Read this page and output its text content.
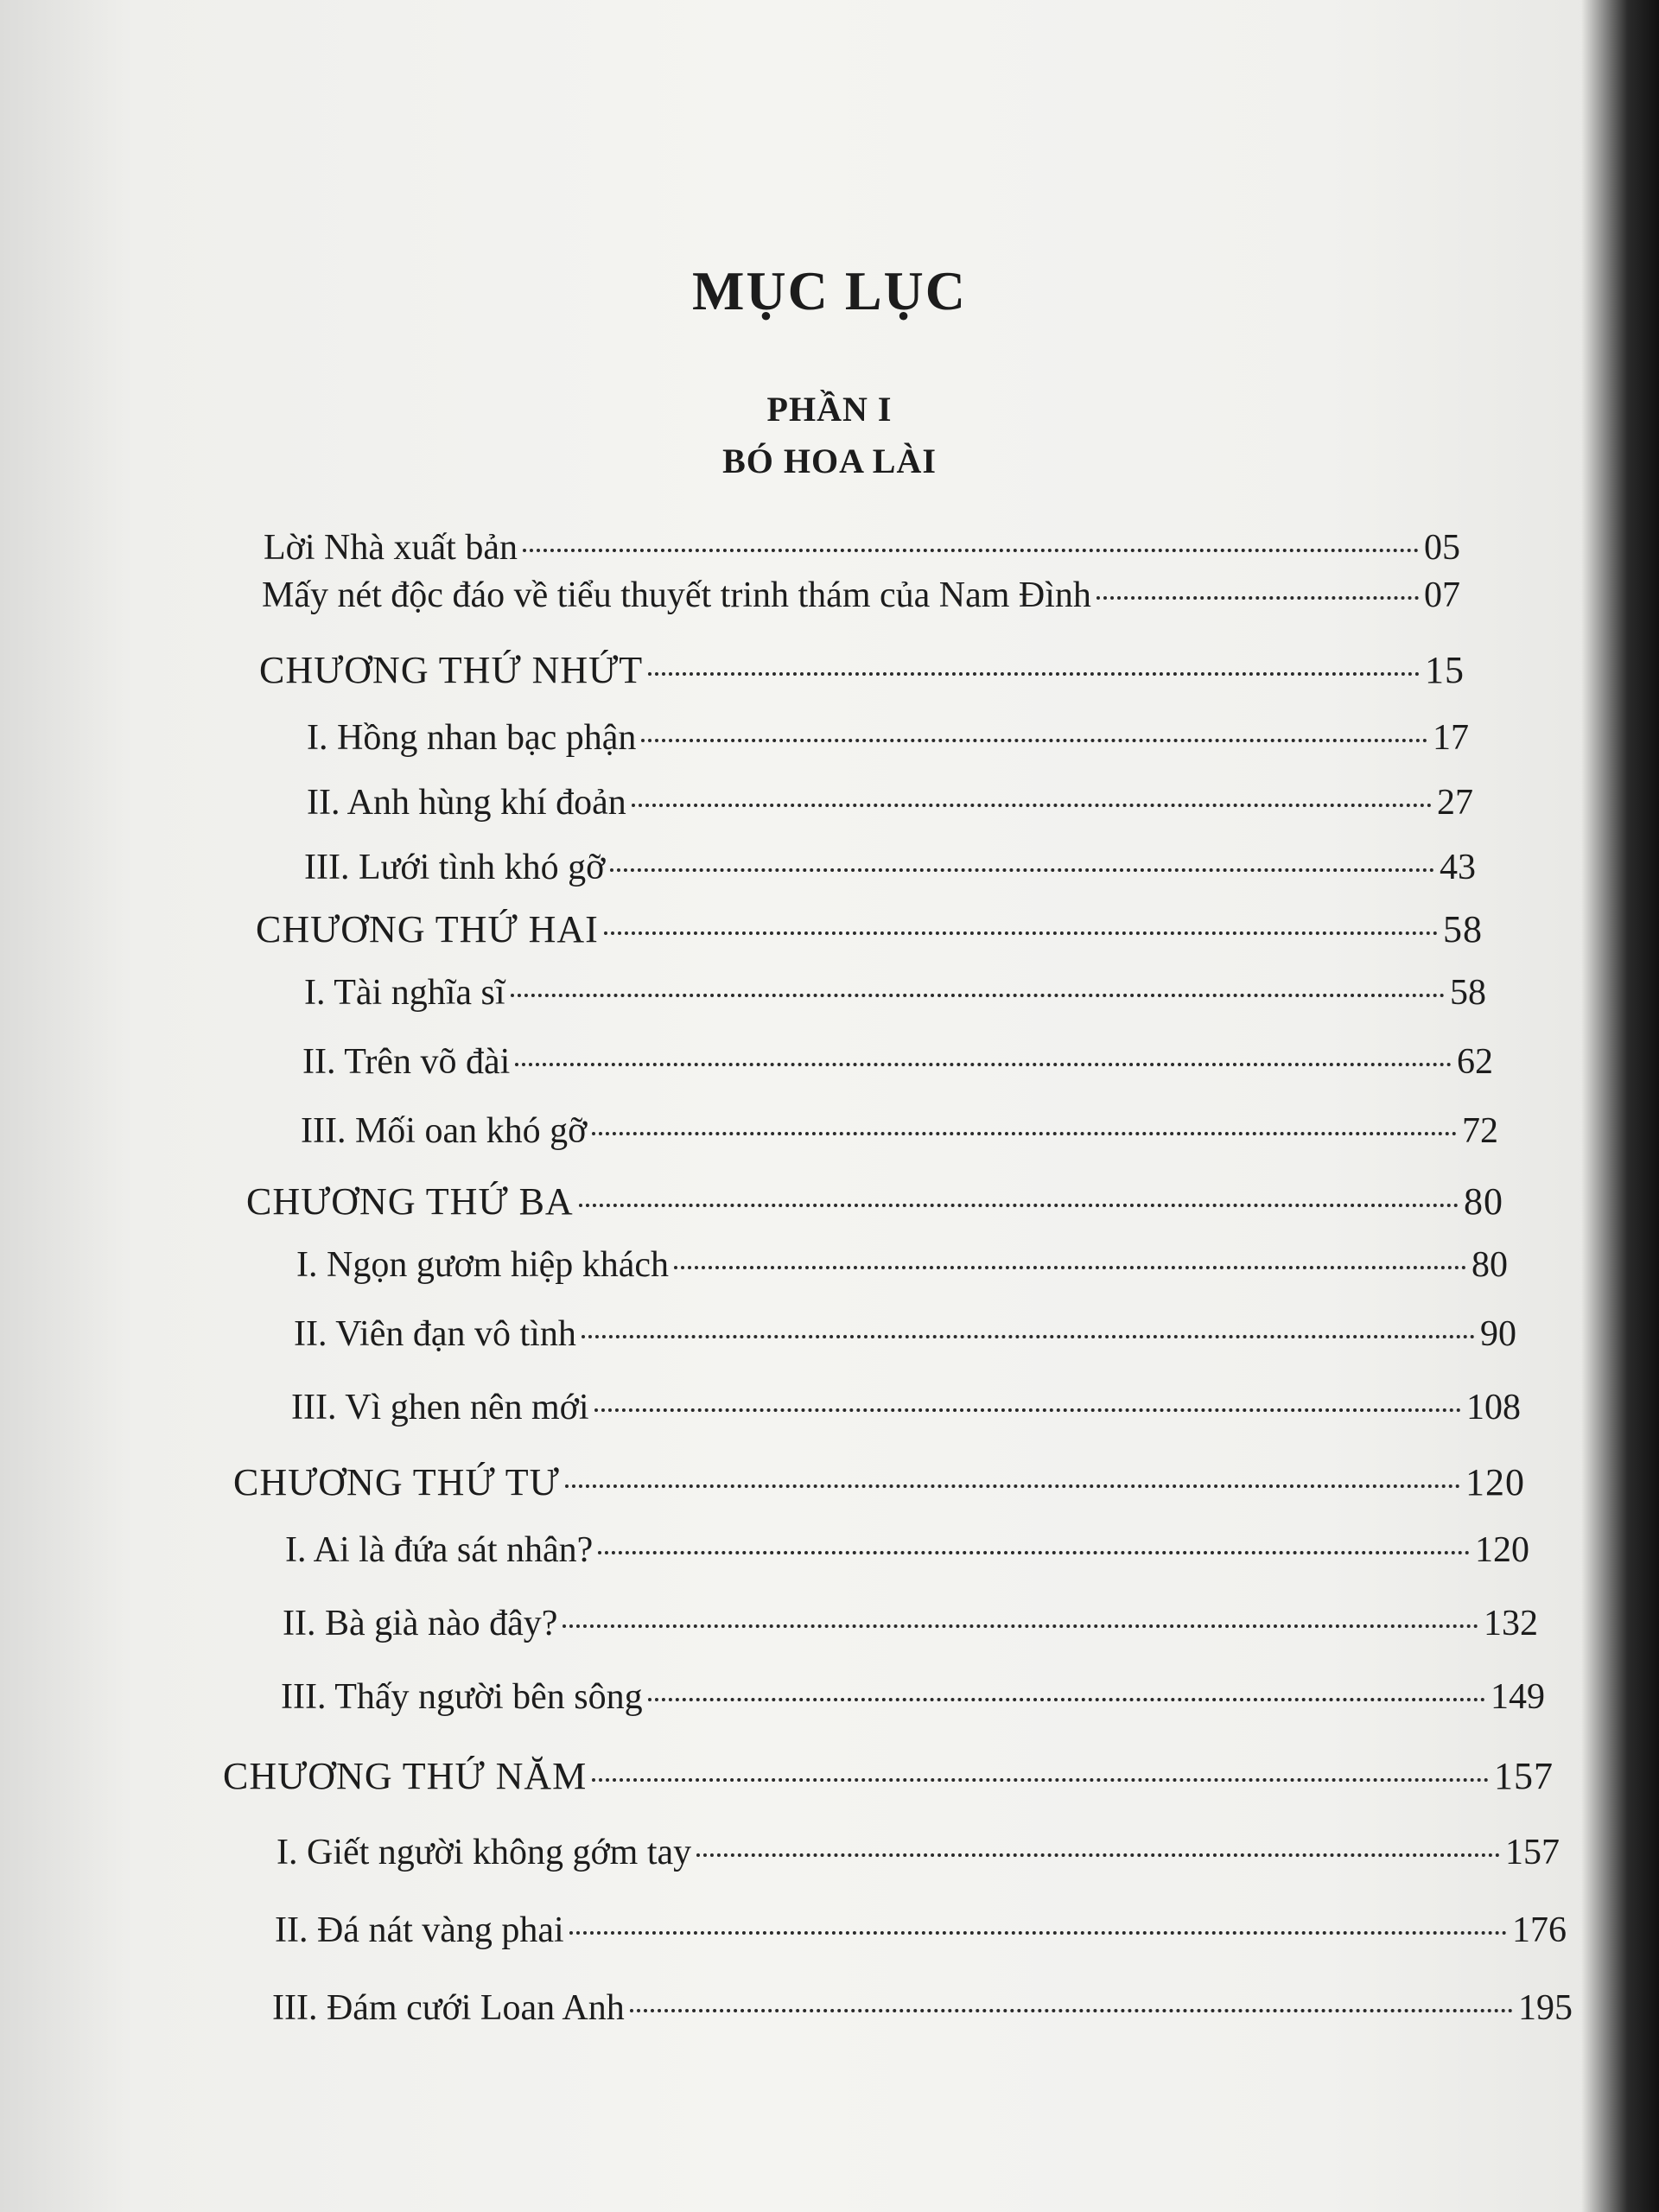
MỤC LỤC
PHẦN I
BÓ HOA LÀI
Lời Nhà xuất bản	05
Mấy nét độc đáo về tiểu thuyết trinh thám của Nam Đình	07
CHƯƠNG THỨ NHỨT	15
I. Hồng nhan bạc phận	17
II. Anh hùng khí đoản	27
III. Lưới tình khó gỡ	43
CHƯƠNG THỨ HAI	58
I. Tài nghĩa sĩ	58
II. Trên võ đài	62
III. Mối oan khó gỡ	72
CHƯƠNG THỨ BA	80
I. Ngọn gươm hiệp khách	80
II. Viên đạn vô tình	90
III. Vì ghen nên mới	108
CHƯƠNG THỨ TƯ	120
I. Ai là đứa sát nhân?	120
II. Bà già nào đây?	132
III. Thấy người bên sông	149
CHƯƠNG THỨ NĂM	157
I. Giết người không gớm tay	157
II. Đá nát vàng phai	176
III. Đám cưới Loan Anh	195
